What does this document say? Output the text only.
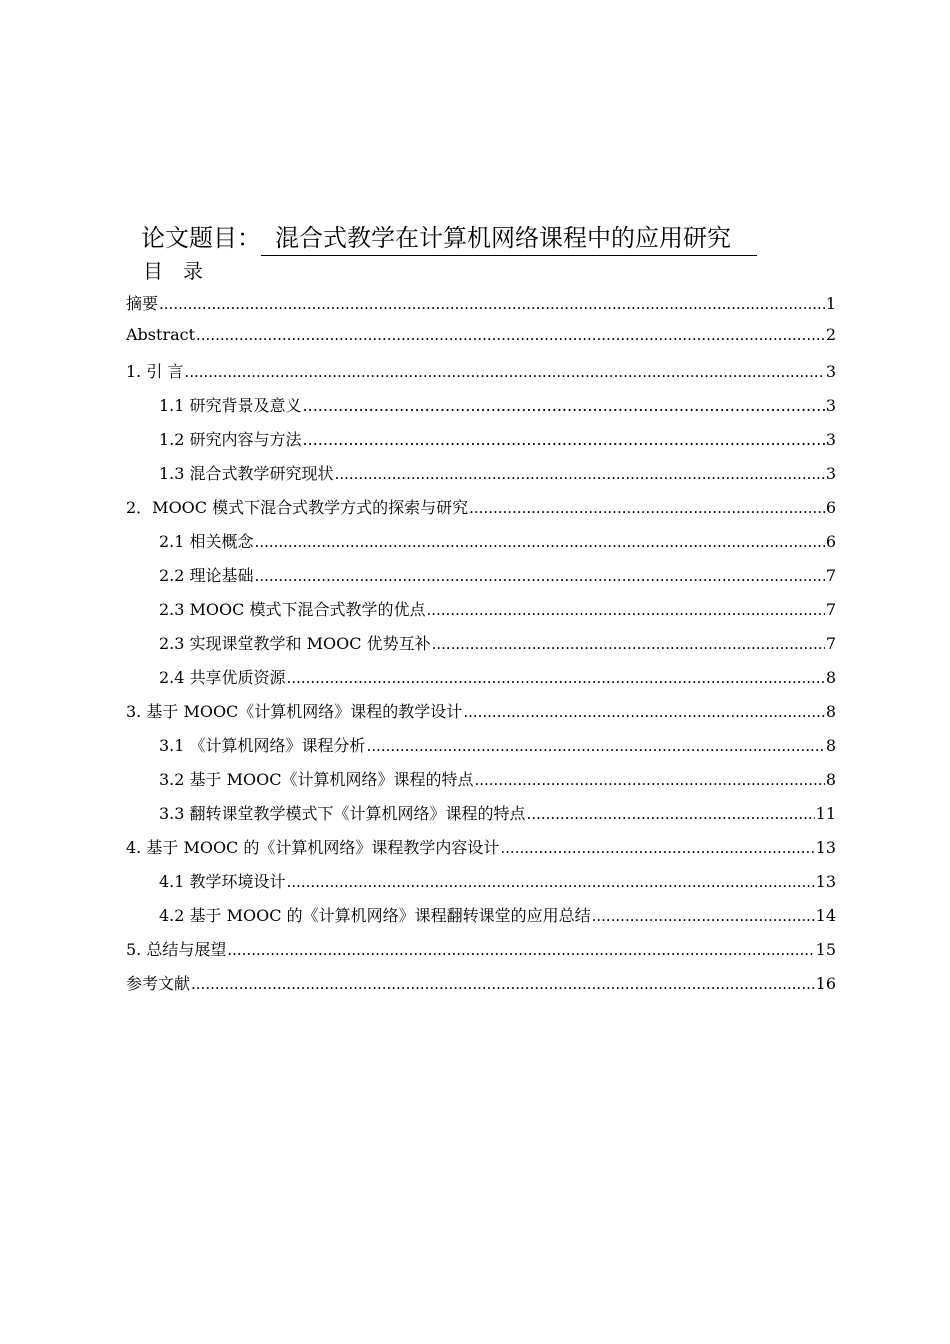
论文题目： 混合式教学在计算机网络课程中的应用研究
目录
摘要 .....	1
Abstract .....	2
1. 引 言 .....	3
1.1 研究背景及意义 .....	3
1.2 研究内容与方法 .....	3
1.3 混合式教学研究现状 .....	3
2．MOOC 模式下混合式教学方式的探索与研究 .....	6
2.1 相关概念 .....	6
2.2 理论基础 .....	7
2.3 MOOC 模式下混合式教学的优点 .....	7
2.3 实现课堂教学和 MOOC 优势互补 .....	7
2.4 共享优质资源 .....	8
3. 基于 MOOC《计算机网络》课程的教学设计 .....	8
3.1 《计算机网络》课程分析 .....	8
3.2 基于 MOOC《计算机网络》课程的特点 .....	8
3.3 翻转课堂教学模式下《计算机网络》课程的特点 .....	11
4. 基于 MOOC 的《计算机网络》课程教学内容设计 .....	13
4.1 教学环境设计 .....	13
4.2 基于 MOOC 的《计算机网络》课程翻转课堂的应用总结 .....	14
5. 总结与展望 .....	15
参考文献 .....	16
